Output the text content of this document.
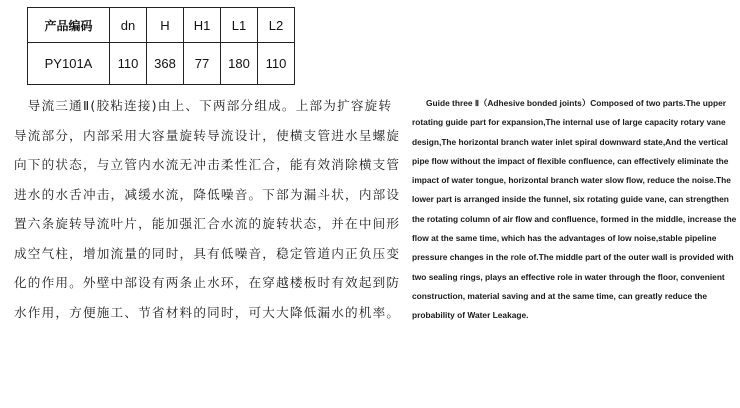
产品编码	dn	H	H1	L1	L2
PY101A	110	368	77	180	110
　导流三通Ⅱ(胶粘连接)由上、下两部分组成。上部为扩容旋转
导流部分，内部采用大容量旋转导流设计，使横支管进水呈螺旋
向下的状态，与立管内水流无冲击柔性汇合，能有效消除横支管
进水的水舌冲击，减缓水流，降低噪音。下部为漏斗状，内部设
置六条旋转导流叶片，能加强汇合水流的旋转状态，并在中间形
成空气柱，增加流量的同时，具有低噪音，稳定管道内正负压变
化的作用。外壁中部设有两条止水环，在穿越楼板时有效起到防
水作用，方便施工、节省材料的同时，可大大降低漏水的机率。
Guide three Ⅱ（Adhesive bonded joints）Composed of two parts.The upper
rotating guide part for expansion,The internal use of large capacity rotary vane
design,The horizontal branch water inlet spiral downward state,And the vertical
pipe flow without the impact of flexible confluence, can effectively eliminate the
impact of water tongue, horizontal branch water slow flow, reduce the noise.The
lower part is arranged inside the funnel, six rotating guide vane, can strengthen
the rotating column of air flow and confluence, formed in the middle, increase the
flow at the same time, which has the advantages of low noise,stable pipeline
pressure changes in the role of.The middle part of the outer wall is provided with
two sealing rings, plays an effective role in water through the floor, convenient
construction, material saving and at the same time, can greatly reduce the
probability of Water Leakage.
